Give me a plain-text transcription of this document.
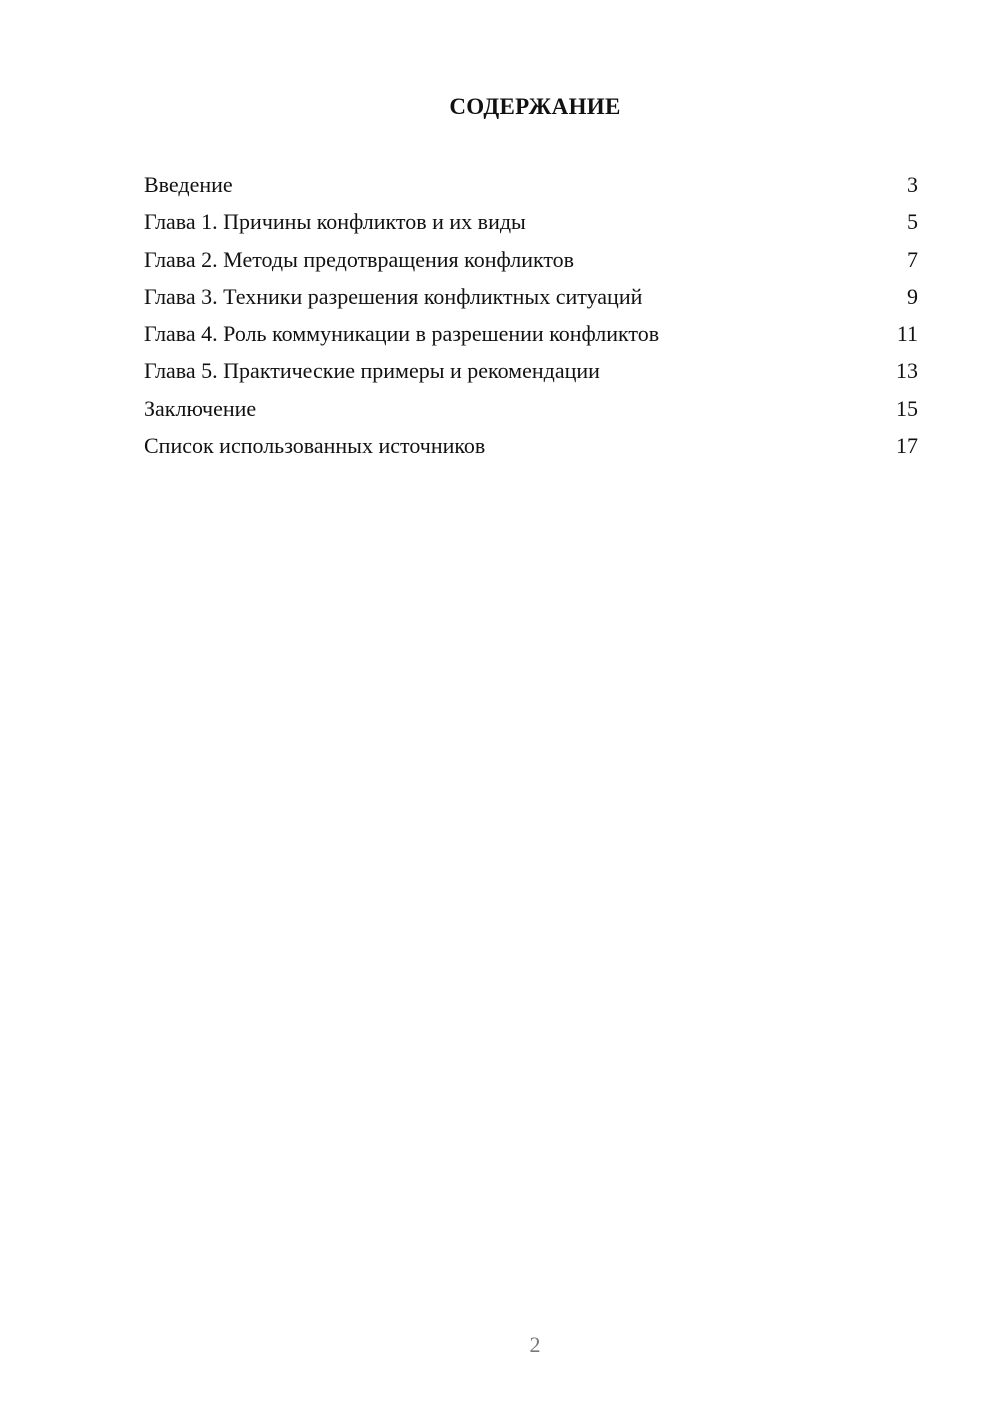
СОДЕРЖАНИЕ
Введение	3
Глава 1. Причины конфликтов и их виды	5
Глава 2. Методы предотвращения конфликтов	7
Глава 3. Техники разрешения конфликтных ситуаций	9
Глава 4. Роль коммуникации в разрешении конфликтов	11
Глава 5. Практические примеры и рекомендации	13
Заключение	15
Список использованных источников	17
2
